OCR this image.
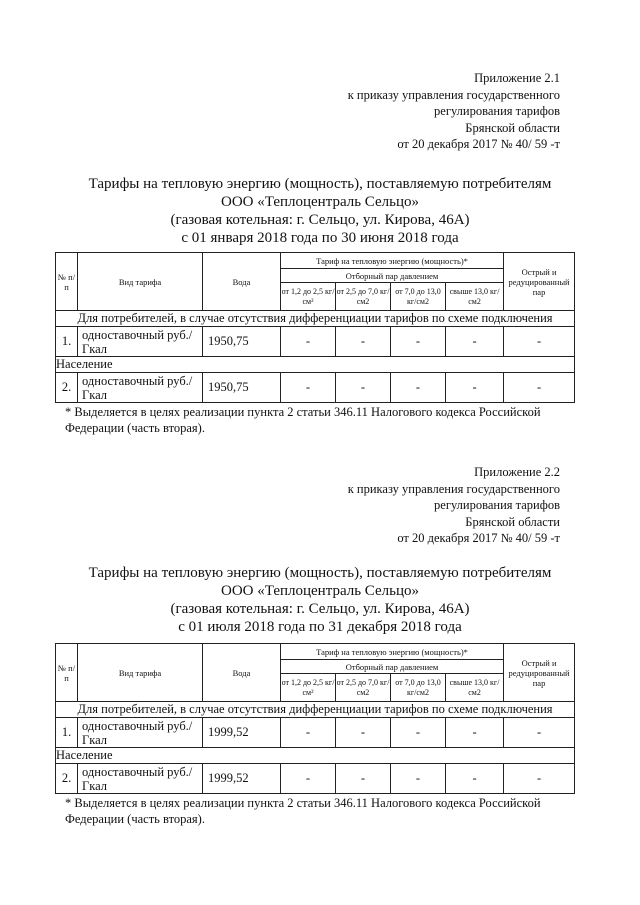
Приложение 2.1
к приказу управления государственного
регулирования тарифов
Брянской области
от 20 декабря 2017 № 40/ 59 -т
Тарифы на тепловую энергию (мощность), поставляемую потребителям
ООО «Теплоцентраль Сельцо»
(газовая котельная: г. Сельцо, ул. Кирова, 46А)
с 01 января 2018 года по 30 июня 2018 года
№ п/п	Вид тарифа	Вода	Тариф на тепловую энергию (мощность)*				Острый и редуцированный пар
			Отборный пар давлением				
			от 1,2 до 2,5 кг/см²	от 2,5 до 7,0 кг/см2	от 7,0 до 13,0 кг/см2	свыше 13,0 кг/см2	
Для потребителей, в случае отсутствия дифференциации тарифов по схеме подключения							
1.	одноставочный руб./Гкал	1950,75	-	-	-	-	-
Население							
2.	одноставочный руб./Гкал	1950,75	-	-	-	-	-
* Выделяется в целях реализации пункта 2 статьи 346.11 Налогового кодекса Российской Федерации (часть вторая).
Приложение 2.2
к приказу управления государственного
регулирования тарифов
Брянской области
от 20 декабря 2017 № 40/ 59 -т
Тарифы на тепловую энергию (мощность), поставляемую потребителям
ООО «Теплоцентраль Сельцо»
(газовая котельная: г. Сельцо, ул. Кирова, 46А)
с 01 июля 2018 года по 31 декабря 2018 года
№ п/п	Вид тарифа	Вода	Тариф на тепловую энергию (мощность)*				Острый и редуцированный пар
			Отборный пар давлением				
			от 1,2 до 2,5 кг/см²	от 2,5 до 7,0 кг/см2	от 7,0 до 13,0 кг/см2	свыше 13,0 кг/см2	
Для потребителей, в случае отсутствия дифференциации тарифов по схеме подключения							
1.	одноставочный руб./Гкал	1999,52	-	-	-	-	-
Население							
2.	одноставочный руб./Гкал	1999,52	-	-	-	-	-
* Выделяется в целях реализации пункта 2 статьи 346.11 Налогового кодекса Российской Федерации (часть вторая).
